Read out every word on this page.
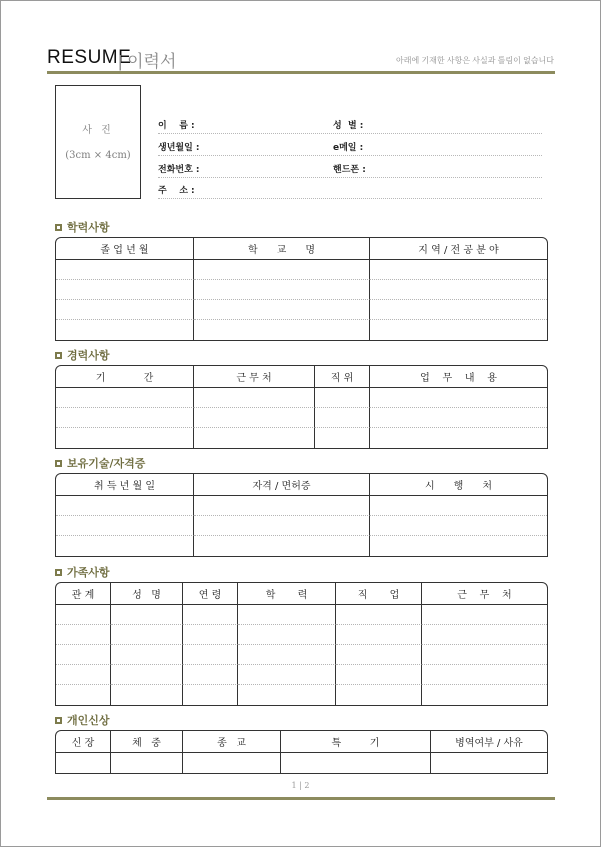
RESUME
| 이력서	아래에 기재한 사항은 사실과 틀림이 없습니다
사 진
(3cm × 4cm)
이    름 :	성  별 :
생년월일 :	e메일 :
전화번호 :	핸드폰 :
주    소 :
학력사항
졸 업 년 월	학      교      명	지 역 / 전 공 분 야

경력사항
기            간	근 무 처	직 위	업    무    내    용

보유기술/자격증
취 득 년 월 일	자격 / 면허증	시      행      처

가족사항
관 계	성   명	연 령	학       력	직       업	근    무    처

개인신상
신 장	체   중	종   교	특         기	병역여부 / 사유

1 | 2
